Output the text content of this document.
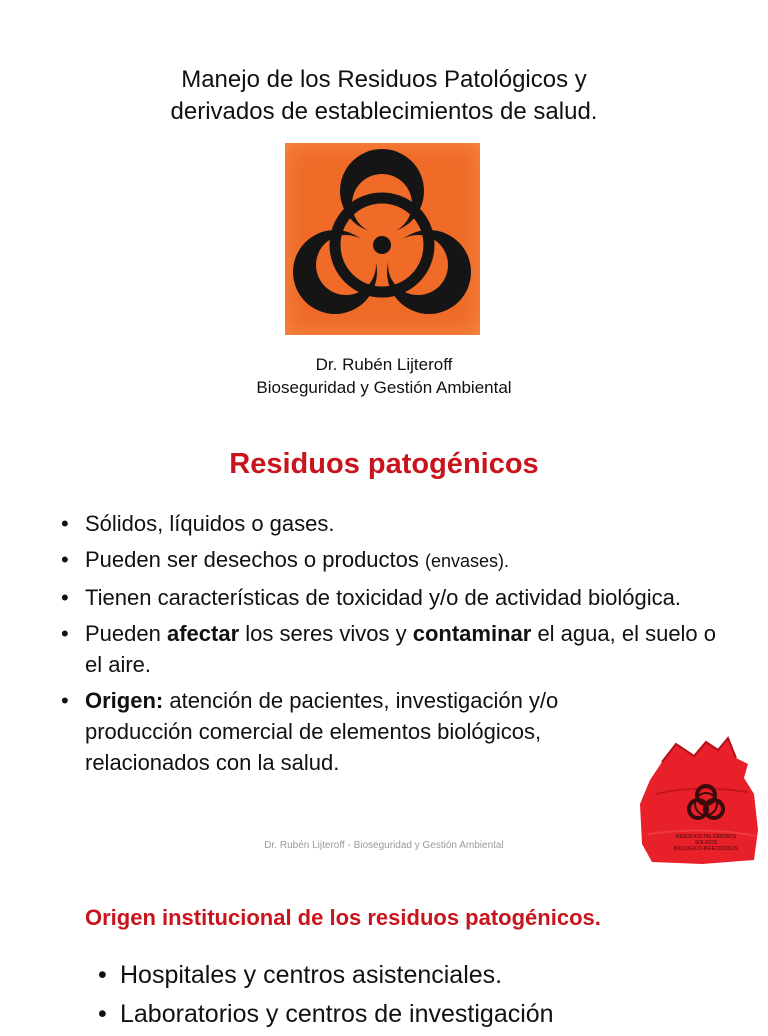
Manejo de los Residuos Patológicos y
derivados de establecimientos de salud.
Dr. Rubén Lijteroff
Bioseguridad y Gestión Ambiental
Residuos patogénicos
• Sólidos, líquidos o gases.
• Pueden ser desechos o productos (envases).
• Tienen características de toxicidad y/o de actividad biológica.
• Pueden afectar los seres vivos y contaminar el agua, el suelo o el aire.
• Origen: atención de pacientes, investigación y/o producción comercial de elementos biológicos, relacionados con la salud.
RESIDUOS PELIGROSOS
SOLIDOS
BIOLOGICO-INFECCIOSOS
Dr. Rubén Lijteroff - Bioseguridad y Gestión Ambiental
Origen institucional de los residuos patogénicos.
• Hospitales y centros asistenciales.
• Laboratorios y centros de investigación
